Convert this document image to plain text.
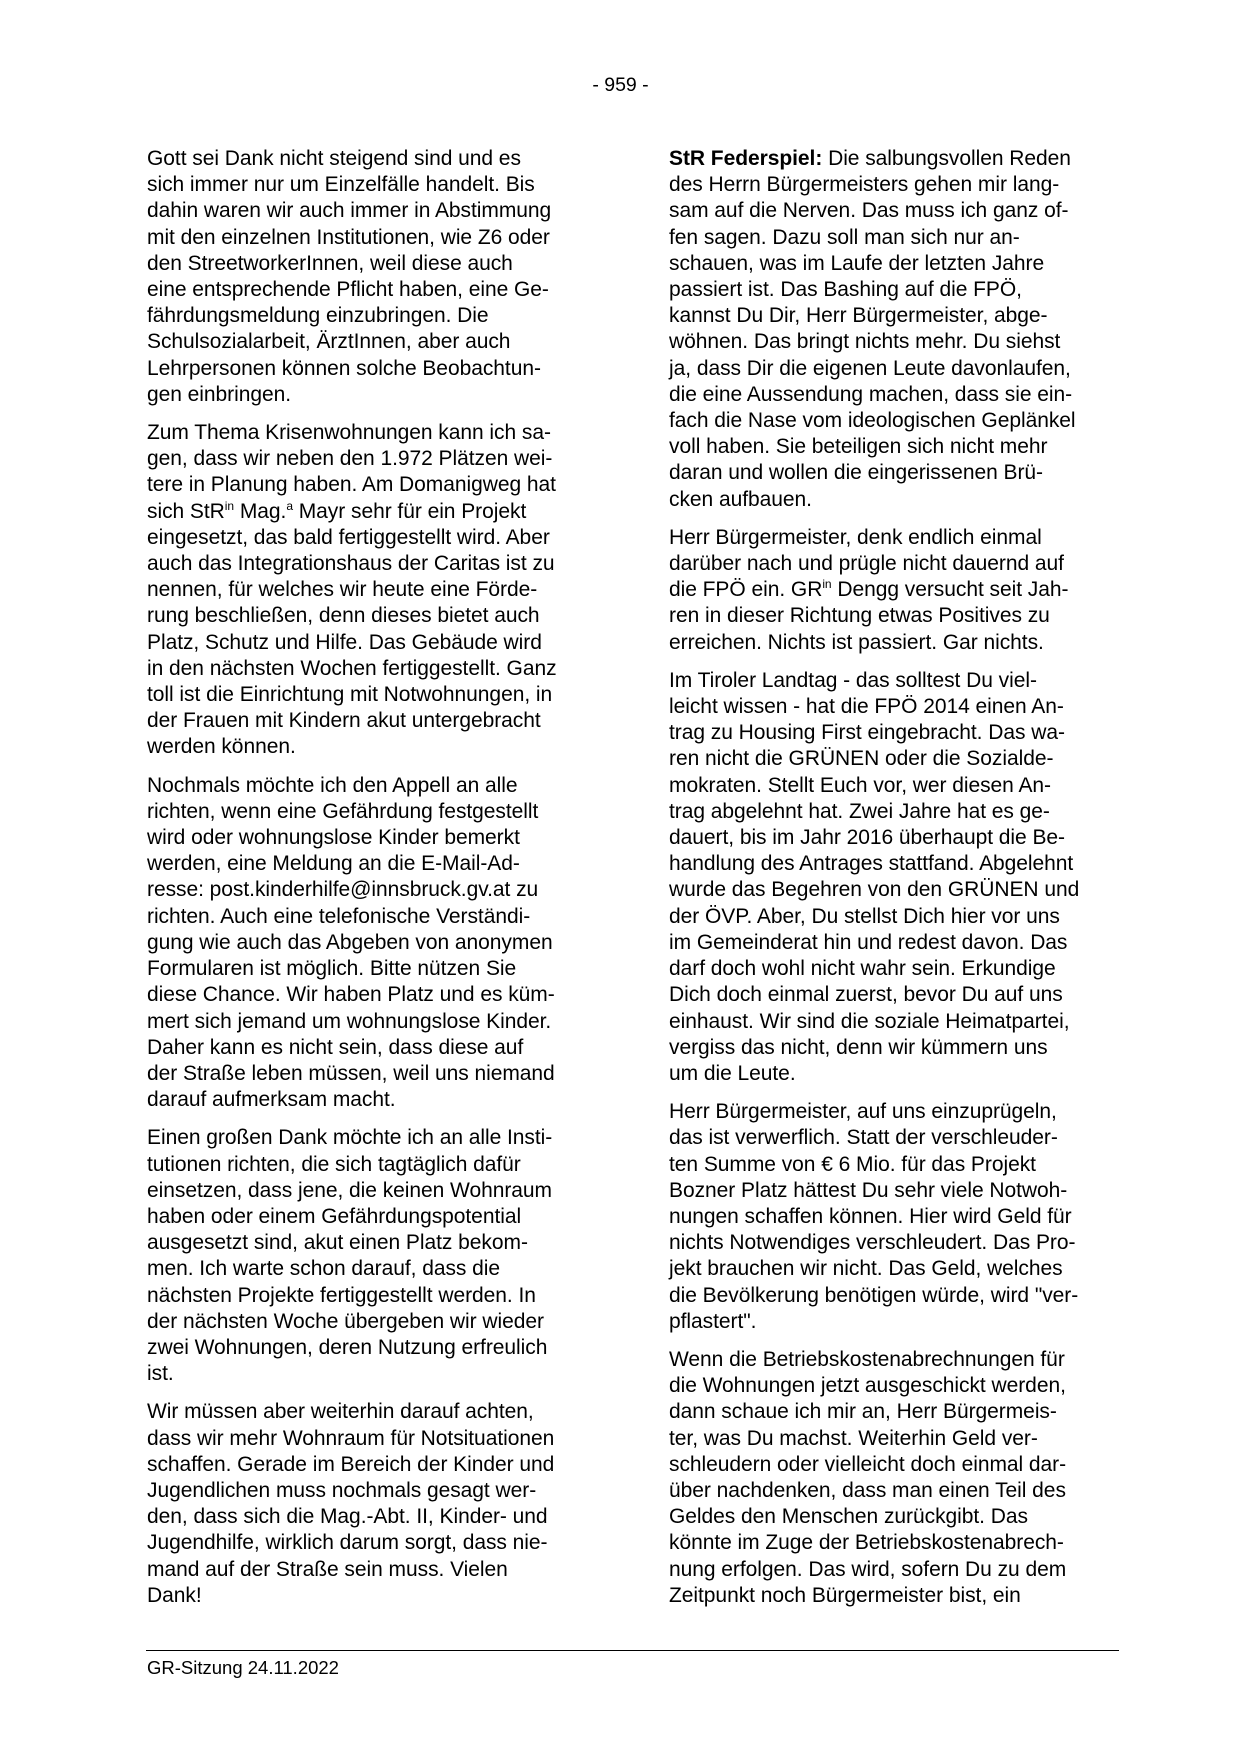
- 959 -

Gott sei Dank nicht steigend sind und es
sich immer nur um Einzelfälle handelt. Bis
dahin waren wir auch immer in Abstimmung
mit den einzelnen Institutionen, wie Z6 oder
den StreetworkerInnen, weil diese auch
eine entsprechende Pflicht haben, eine Ge-
fährdungsmeldung einzubringen. Die
Schulsozialarbeit, ÄrztInnen, aber auch
Lehrpersonen können solche Beobachtun-
gen einbringen.

Zum Thema Krisenwohnungen kann ich sa-
gen, dass wir neben den 1.972 Plätzen wei-
tere in Planung haben. Am Domanigweg hat
sich StR$^{in}$ Mag.$^a$ Mayr sehr für ein Projekt
eingesetzt, das bald fertiggestellt wird. Aber
auch das Integrationshaus der Caritas ist zu
nennen, für welches wir heute eine Förde-
rung beschließen, denn dieses bietet auch
Platz, Schutz und Hilfe. Das Gebäude wird
in den nächsten Wochen fertiggestellt. Ganz
toll ist die Einrichtung mit Notwohnungen, in
der Frauen mit Kindern akut untergebracht
werden können.

Nochmals möchte ich den Appell an alle
richten, wenn eine Gefährdung festgestellt
wird oder wohnungslose Kinder bemerkt
werden, eine Meldung an die E-Mail-Ad-
resse: post.kinderhilfe@innsbruck.gv.at zu
richten. Auch eine telefonische Verständi-
gung wie auch das Abgeben von anonymen
Formularen ist möglich. Bitte nützen Sie
diese Chance. Wir haben Platz und es küm-
mert sich jemand um wohnungslose Kinder.
Daher kann es nicht sein, dass diese auf
der Straße leben müssen, weil uns niemand
darauf aufmerksam macht.

Einen großen Dank möchte ich an alle Insti-
tutionen richten, die sich tagtäglich dafür
einsetzen, dass jene, die keinen Wohnraum
haben oder einem Gefährdungspotential
ausgesetzt sind, akut einen Platz bekom-
men. Ich warte schon darauf, dass die
nächsten Projekte fertiggestellt werden. In
der nächsten Woche übergeben wir wieder
zwei Wohnungen, deren Nutzung erfreulich
ist.

Wir müssen aber weiterhin darauf achten,
dass wir mehr Wohnraum für Notsituationen
schaffen. Gerade im Bereich der Kinder und
Jugendlichen muss nochmals gesagt wer-
den, dass sich die Mag.-Abt. II, Kinder- und
Jugendhilfe, wirklich darum sorgt, dass nie-
mand auf der Straße sein muss. Vielen
Dank!

StR Federspiel: Die salbungsvollen Reden
des Herrn Bürgermeisters gehen mir lang-
sam auf die Nerven. Das muss ich ganz of-
fen sagen. Dazu soll man sich nur an-
schauen, was im Laufe der letzten Jahre
passiert ist. Das Bashing auf die FPÖ,
kannst Du Dir, Herr Bürgermeister, abge-
wöhnen. Das bringt nichts mehr. Du siehst
ja, dass Dir die eigenen Leute davonlaufen,
die eine Aussendung machen, dass sie ein-
fach die Nase vom ideologischen Geplänkel
voll haben. Sie beteiligen sich nicht mehr
daran und wollen die eingerissenen Brü-
cken aufbauen.

Herr Bürgermeister, denk endlich einmal
darüber nach und prügle nicht dauernd auf
die FPÖ ein. $GR^{in}$ Dengg versucht seit Jah-
ren in dieser Richtung etwas Positives zu
erreichen. Nichts ist passiert. Gar nichts.

Im Tiroler Landtag - das solltest Du viel-
leicht wissen - hat die FPÖ 2014 einen An-
trag zu Housing First eingebracht. Das wa-
ren nicht die GRÜNEN oder die Sozialde-
mokraten. Stellt Euch vor, wer diesen An-
trag abgelehnt hat. Zwei Jahre hat es ge-
dauert, bis im Jahr 2016 überhaupt die Be-
handlung des Antrages stattfand. Abgelehnt
wurde das Begehren von den GRÜNEN und
der ÖVP. Aber, Du stellst Dich hier vor uns
im Gemeinderat hin und redest davon. Das
darf doch wohl nicht wahr sein. Erkundige
Dich doch einmal zuerst, bevor Du auf uns
einhaust. Wir sind die soziale Heimatpartei,
vergiss das nicht, denn wir kümmern uns
um die Leute.

Herr Bürgermeister, auf uns einzuprügeln,
das ist verwerflich. Statt der verschleuder-
ten Summe von € 6 Mio. für das Projekt
Bozner Platz hättest Du sehr viele Notwoh-
nungen schaffen können. Hier wird Geld für
nichts Notwendiges verschleudert. Das Pro-
jekt brauchen wir nicht. Das Geld, welches
die Bevölkerung benötigen würde, wird "ver-
pflastert".

Wenn die Betriebskostenabrechnungen für
die Wohnungen jetzt ausgeschickt werden,
dann schaue ich mir an, Herr Bürgermeis-
ter, was Du machst. Weiterhin Geld ver-
schleudern oder vielleicht doch einmal dar-
über nachdenken, dass man einen Teil des
Geldes den Menschen zurückgibt. Das
könnte im Zuge der Betriebskostenabrech-
nung erfolgen. Das wird, sofern Du zu dem
Zeitpunkt noch Bürgermeister bist, ein

GR-Sitzung 24.11.2022
